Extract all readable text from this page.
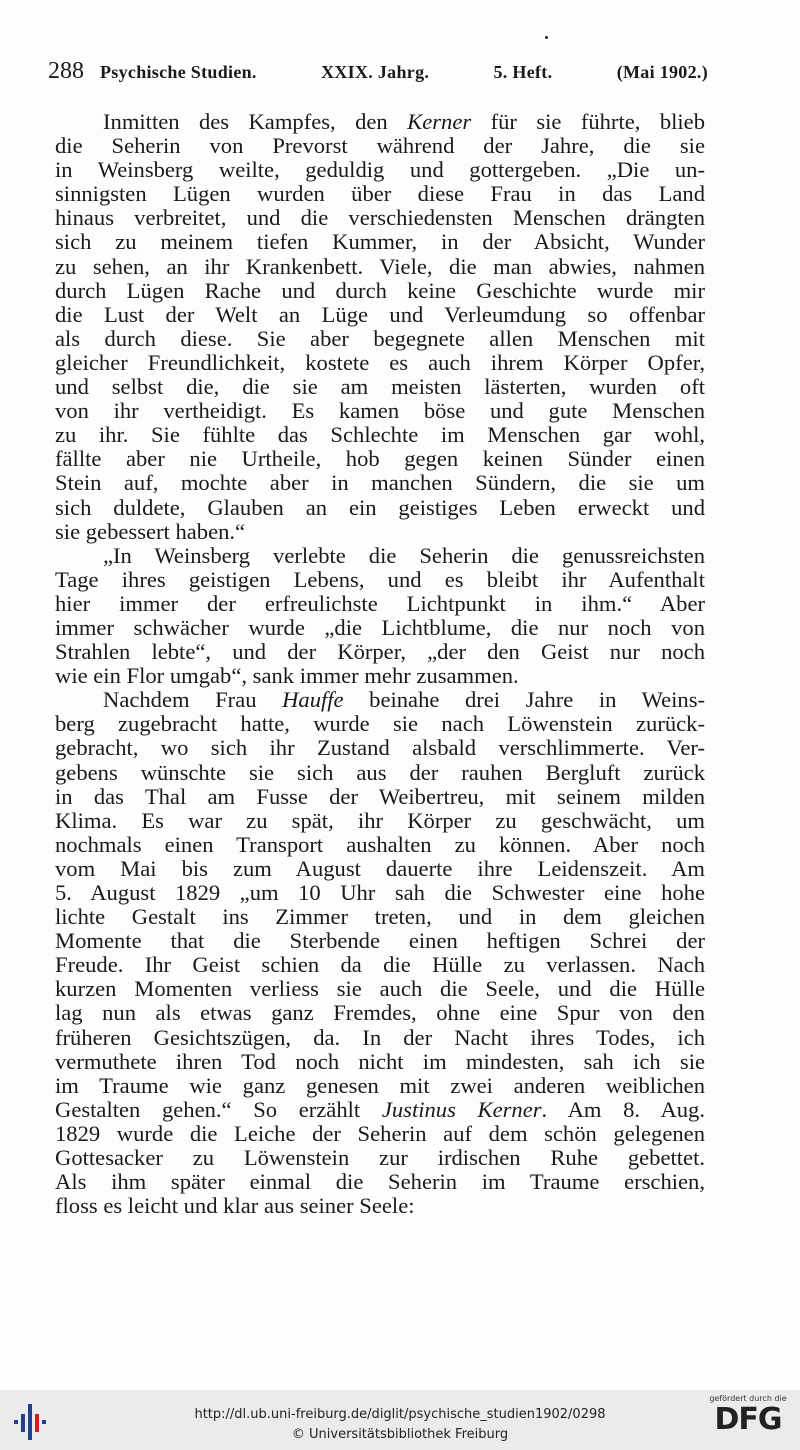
288 Psychische Studien.	XXIX. Jahrg.	5. Heft.	(Mai 1902.)
Inmitten des Kampfes, den Kerner für sie führte, blieb
die Seherin von Prevorst während der Jahre, die sie
in Weinsberg weilte, geduldig und gottergeben. „Die un-
sinnigsten Lügen wurden über diese Frau in das Land
hinaus verbreitet, und die verschiedensten Menschen drängten
sich zu meinem tiefen Kummer, in der Absicht, Wunder
zu sehen, an ihr Krankenbett. Viele, die man abwies, nahmen
durch Lügen Rache und durch keine Geschichte wurde mir
die Lust der Welt an Lüge und Verleumdung so offenbar
als durch diese. Sie aber begegnete allen Menschen mit
gleicher Freundlichkeit, kostete es auch ihrem Körper Opfer,
und selbst die, die sie am meisten lästerten, wurden oft
von ihr vertheidigt. Es kamen böse und gute Menschen
zu ihr. Sie fühlte das Schlechte im Menschen gar wohl,
fällte aber nie Urtheile, hob gegen keinen Sünder einen
Stein auf, mochte aber in manchen Sündern, die sie um
sich duldete, Glauben an ein geistiges Leben erweckt und
sie gebessert haben.“
„In Weinsberg verlebte die Seherin die genussreichsten
Tage ihres geistigen Lebens, und es bleibt ihr Aufenthalt
hier immer der erfreulichste Lichtpunkt in ihm.“ Aber
immer schwächer wurde „die Lichtblume, die nur noch von
Strahlen lebte“, und der Körper, „der den Geist nur noch
wie ein Flor umgab“, sank immer mehr zusammen.
Nachdem Frau Hauffe beinahe drei Jahre in Weins-
berg zugebracht hatte, wurde sie nach Löwenstein zurück-
gebracht, wo sich ihr Zustand alsbald verschlimmerte. Ver-
gebens wünschte sie sich aus der rauhen Bergluft zurück
in das Thal am Fusse der Weibertreu, mit seinem milden
Klima. Es war zu spät, ihr Körper zu geschwächt, um
nochmals einen Transport aushalten zu können. Aber noch
vom Mai bis zum August dauerte ihre Leidenszeit. Am
5. August 1829 „um 10 Uhr sah die Schwester eine hohe
lichte Gestalt ins Zimmer treten, und in dem gleichen
Momente that die Sterbende einen heftigen Schrei der
Freude. Ihr Geist schien da die Hülle zu verlassen. Nach
kurzen Momenten verliess sie auch die Seele, und die Hülle
lag nun als etwas ganz Fremdes, ohne eine Spur von den
früheren Gesichtszügen, da. In der Nacht ihres Todes, ich
vermuthete ihren Tod noch nicht im mindesten, sah ich sie
im Traume wie ganz genesen mit zwei anderen weiblichen
Gestalten gehen.“ So erzählt Justinus Kerner. Am 8. Aug.
1829 wurde die Leiche der Seherin auf dem schön gelegenen
Gottesacker zu Löwenstein zur irdischen Ruhe gebettet.
Als ihm später einmal die Seherin im Traume erschien,
floss es leicht und klar aus seiner Seele:
http://dl.ub.uni-freiburg.de/diglit/psychische_studien1902/0298
© Universitätsbibliothek Freiburg
gefördert durch die
DFG
